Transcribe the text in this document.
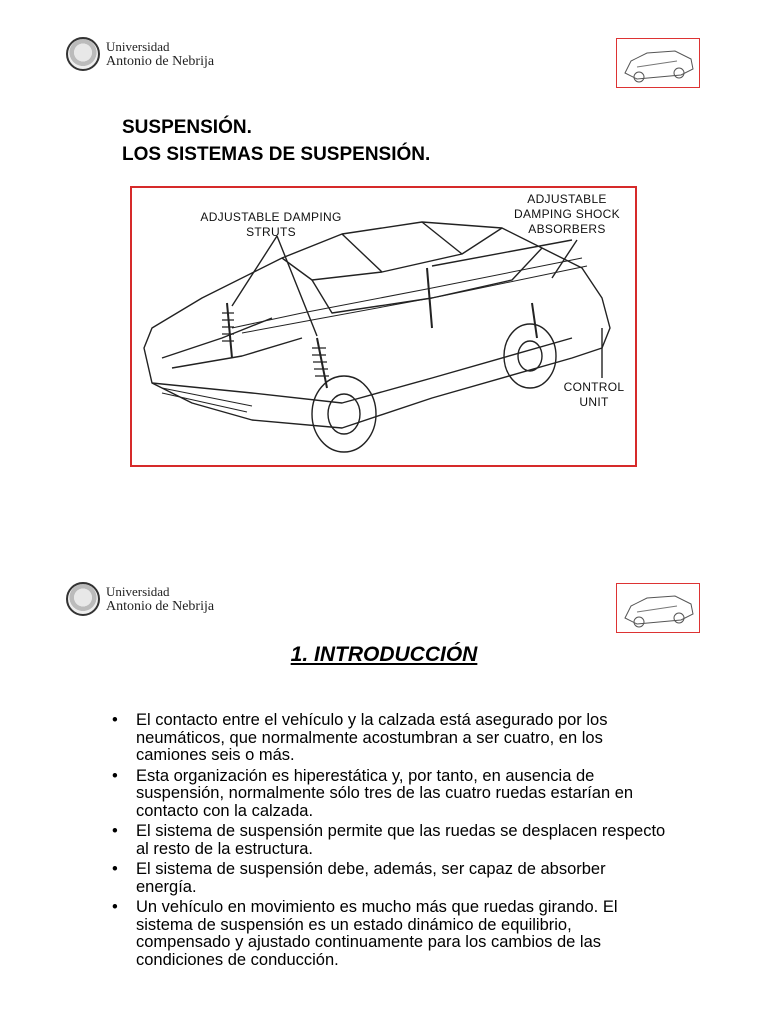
Universidad
Antonio de Nebrija
SUSPENSIÓN.
LOS SISTEMAS DE SUSPENSIÓN.
ADJUSTABLE DAMPING
STRUTS
ADJUSTABLE
DAMPING SHOCK
ABSORBERS
CONTROL
UNIT
Universidad
Antonio de Nebrija
1. INTRODUCCIÓN
• El contacto entre el vehículo y la calzada está asegurado por los neumáticos, que normalmente acostumbran a ser cuatro, en los camiones seis o más.
• Esta organización es hiperestática y, por tanto, en ausencia de suspensión, normalmente sólo tres de las cuatro ruedas estarían en contacto con la calzada.
• El sistema de suspensión permite que las ruedas se desplacen respecto al resto de la estructura.
• El sistema de suspensión debe, además, ser capaz de absorber energía.
• Un vehículo en movimiento es mucho más que ruedas girando. El sistema de suspensión es un estado dinámico de equilibrio, compensado y ajustado continuamente para los cambios de las condiciones de conducción.
